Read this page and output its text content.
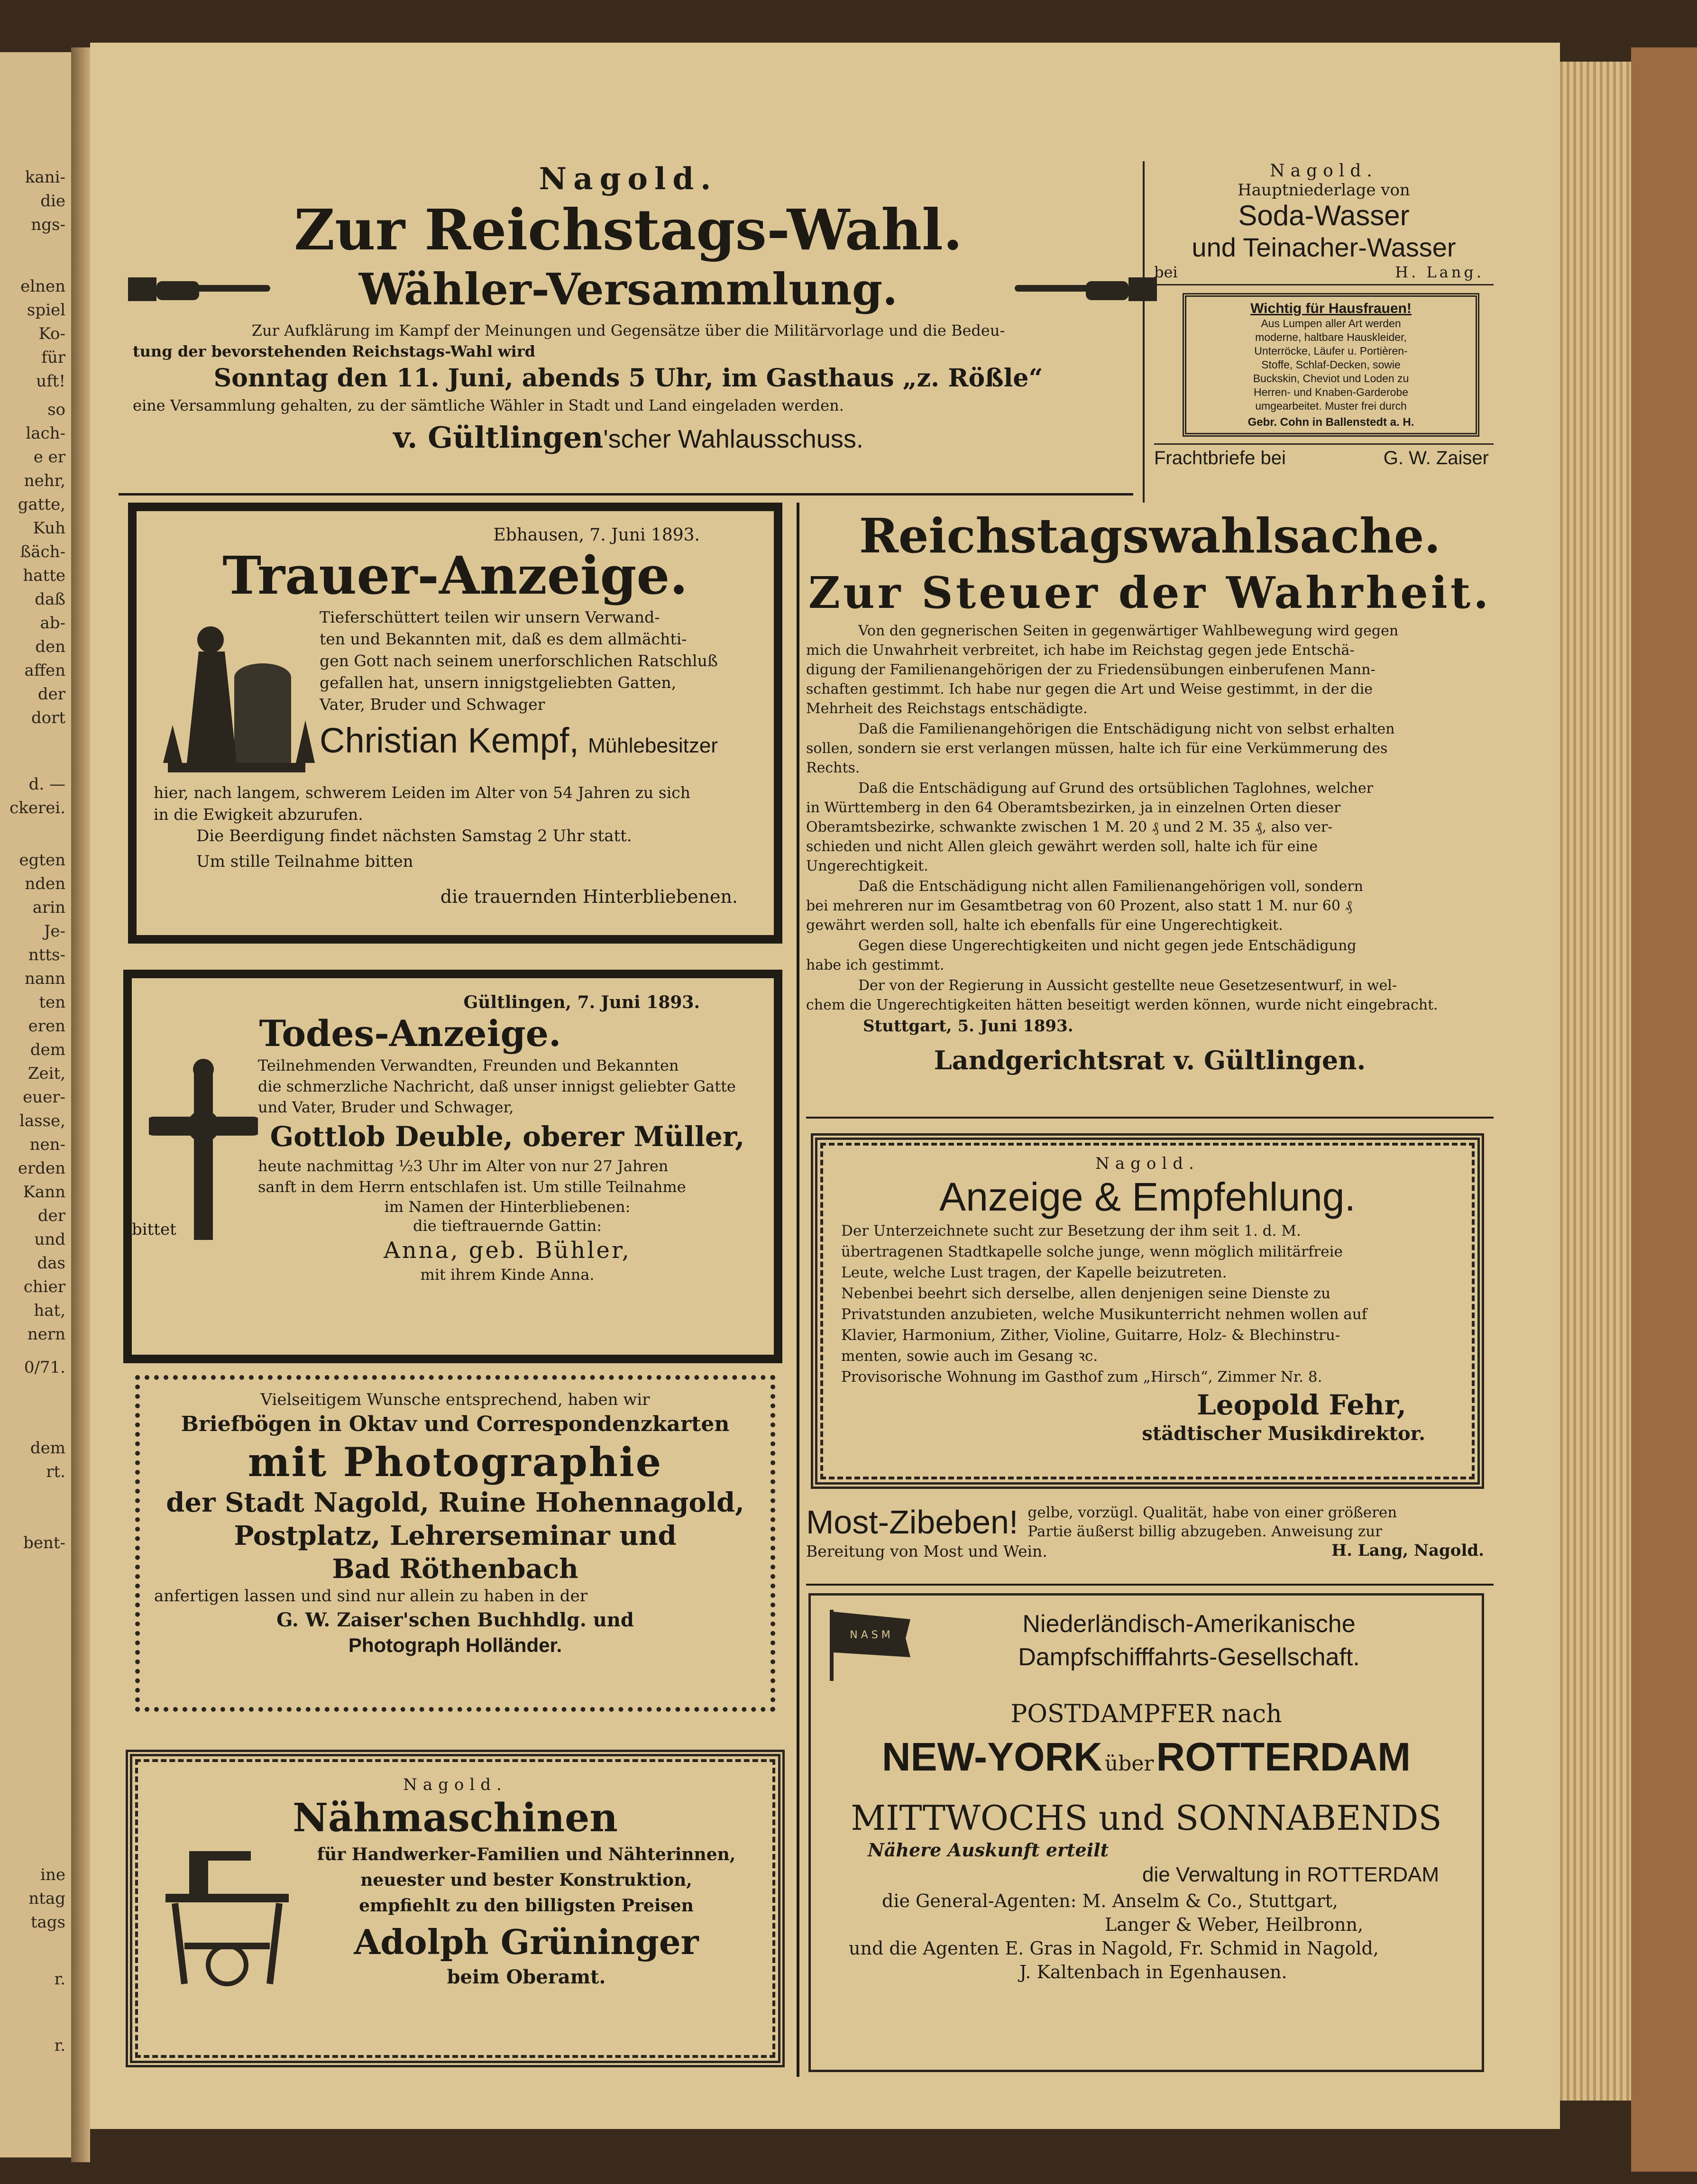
kani-
die
ngs-
elnen
spiel
Ko-
für
uft!
so
lach-
e er
nehr,
gatte,
Kuh
ßäch-
hatte
daß
ab-
den
affen
der
dort
d. —
ckerei.
egten
nden
arin
Je-
ntts-
nann
ten
eren
dem
Zeit,
euer-
lasse,
nen-
erden
Kann
der
und
das
chier
hat,
nern
0/71.
dem
rt.
bent-
ine
ntag
tags
r.
r.
Nagold.
Zur Reichstags-Wahl.
Wähler-Versammlung.
Zur Aufklärung im Kampf der Meinungen und Gegensätze über die Militärvorlage und die Bedeu-
tung der bevorstehenden Reichstags-Wahl wird
Sonntag den 11. Juni, abends 5 Uhr, im Gasthaus „z. Rößle“
eine Versammlung gehalten, zu der sämtliche Wähler in Stadt und Land eingeladen werden.
v. Gültlingen'scher Wahlausschuss.
Nagold.
Hauptniederlage von
Soda-Wasser
und Teinacher-Wasser
bei	H. Lang.
Wichtig für Hausfrauen!
Aus Lumpen aller Art werden
moderne, haltbare Hauskleider,
Unterröcke, Läufer u. Portièren-
Stoffe, Schlaf-Decken, sowie
Buckskin, Cheviot und Loden zu
Herren- und Knaben-Garderobe
umgearbeitet. Muster frei durch
Gebr. Cohn in Ballenstedt a. H.
Frachtbriefe bei	G. W. Zaiser
Ebhausen, 7. Juni 1893.
Trauer-Anzeige.
Tieferschüttert teilen wir unsern Verwand-
ten und Bekannten mit, daß es dem allmächti-
gen Gott nach seinem unerforschlichen Ratschluß
gefallen hat, unsern innigstgeliebten Gatten,
Vater, Bruder und Schwager
Christian Kempf, Mühlebesitzer
hier, nach langem, schwerem Leiden im Alter von 54 Jahren zu sich
in die Ewigkeit abzurufen.
Die Beerdigung findet nächsten Samstag 2 Uhr statt.
Um stille Teilnahme bitten
die trauernden Hinterbliebenen.
Gültlingen, 7. Juni 1893.
Todes-Anzeige.
Teilnehmenden Verwandten, Freunden und Bekannten
die schmerzliche Nachricht, daß unser innigst geliebter Gatte
und Vater, Bruder und Schwager,
Gottlob Deuble, oberer Müller,
heute nachmittag ½3 Uhr im Alter von nur 27 Jahren
sanft in dem Herrn entschlafen ist. Um stille Teilnahme
im Namen der Hinterbliebenen:
die tieftrauernde Gattin:
Anna, geb. Bühler,
mit ihrem Kinde Anna.
bittet
Vielseitigem Wunsche entsprechend, haben wir
Briefbögen in Oktav und Correspondenzkarten
mit Photographie
der Stadt Nagold, Ruine Hohennagold,
Postplatz, Lehrerseminar und
Bad Röthenbach
anfertigen lassen und sind nur allein zu haben in der
G. W. Zaiser'schen Buchhdlg. und
Photograph Holländer.
Nagold.
Nähmaschinen
für Handwerker-Familien und Nähterinnen,
neuester und bester Konstruktion,
empfiehlt zu den billigsten Preisen
Adolph Grüninger
beim Oberamt.
Reichstagswahlsache.
Zur Steuer der Wahrheit.
Von den gegnerischen Seiten in gegenwärtiger Wahlbewegung wird gegen
mich die Unwahrheit verbreitet, ich habe im Reichstag gegen jede Entschä-
digung der Familienangehörigen der zu Friedensübungen einberufenen Mann-
schaften gestimmt. Ich habe nur gegen die Art und Weise gestimmt, in der die
Mehrheit des Reichstags entschädigte.
Daß die Familienangehörigen die Entschädigung nicht von selbst erhalten
sollen, sondern sie erst verlangen müssen, halte ich für eine Verkümmerung des
Rechts.
Daß die Entschädigung auf Grund des ortsüblichen Taglohnes, welcher
in Württemberg in den 64 Oberamtsbezirken, ja in einzelnen Orten dieser
Oberamtsbezirke, schwankte zwischen 1 M. 20 ₰ und 2 M. 35 ₰, also ver-
schieden und nicht Allen gleich gewährt werden soll, halte ich für eine
Ungerechtigkeit.
Daß die Entschädigung nicht allen Familienangehörigen voll, sondern
bei mehreren nur im Gesamtbetrag von 60 Prozent, also statt 1 M. nur 60 ₰
gewährt werden soll, halte ich ebenfalls für eine Ungerechtigkeit.
Gegen diese Ungerechtigkeiten und nicht gegen jede Entschädigung
habe ich gestimmt.
Der von der Regierung in Aussicht gestellte neue Gesetzesentwurf, in wel-
chem die Ungerechtigkeiten hätten beseitigt werden können, wurde nicht eingebracht.
Stuttgart, 5. Juni 1893.
Landgerichtsrat v. Gültlingen.
Nagold.
Anzeige & Empfehlung.
Der Unterzeichnete sucht zur Besetzung der ihm seit 1. d. M.
übertragenen Stadtkapelle solche junge, wenn möglich militärfreie
Leute, welche Lust tragen, der Kapelle beizutreten.
Nebenbei beehrt sich derselbe, allen denjenigen seine Dienste zu
Privatstunden anzubieten, welche Musikunterricht nehmen wollen auf
Klavier, Harmonium, Zither, Violine, Guitarre, Holz- & Blechinstru-
menten, sowie auch im Gesang ꝛc.
Provisorische Wohnung im Gasthof zum „Hirsch“, Zimmer Nr. 8.
Leopold Fehr,
städtischer Musikdirektor.
Most-Zibeben! gelbe, vorzügl. Qualität, habe von einer größeren
Partie äußerst billig abzugeben. Anweisung zur
Bereitung von Most und Wein.	H. Lang, Nagold.
N A S M	Niederländisch-Amerikanische
Dampfschifffahrts-Gesellschaft.
POSTDAMPFER nach
NEW-YORK über ROTTERDAM
MITTWOCHS und SONNABENDS
Nähere Auskunft erteilt
die Verwaltung in ROTTERDAM
die General-Agenten: M. Anselm & Co., Stuttgart,
Langer & Weber, Heilbronn,
und die Agenten E. Gras in Nagold, Fr. Schmid in Nagold,
J. Kaltenbach in Egenhausen.
